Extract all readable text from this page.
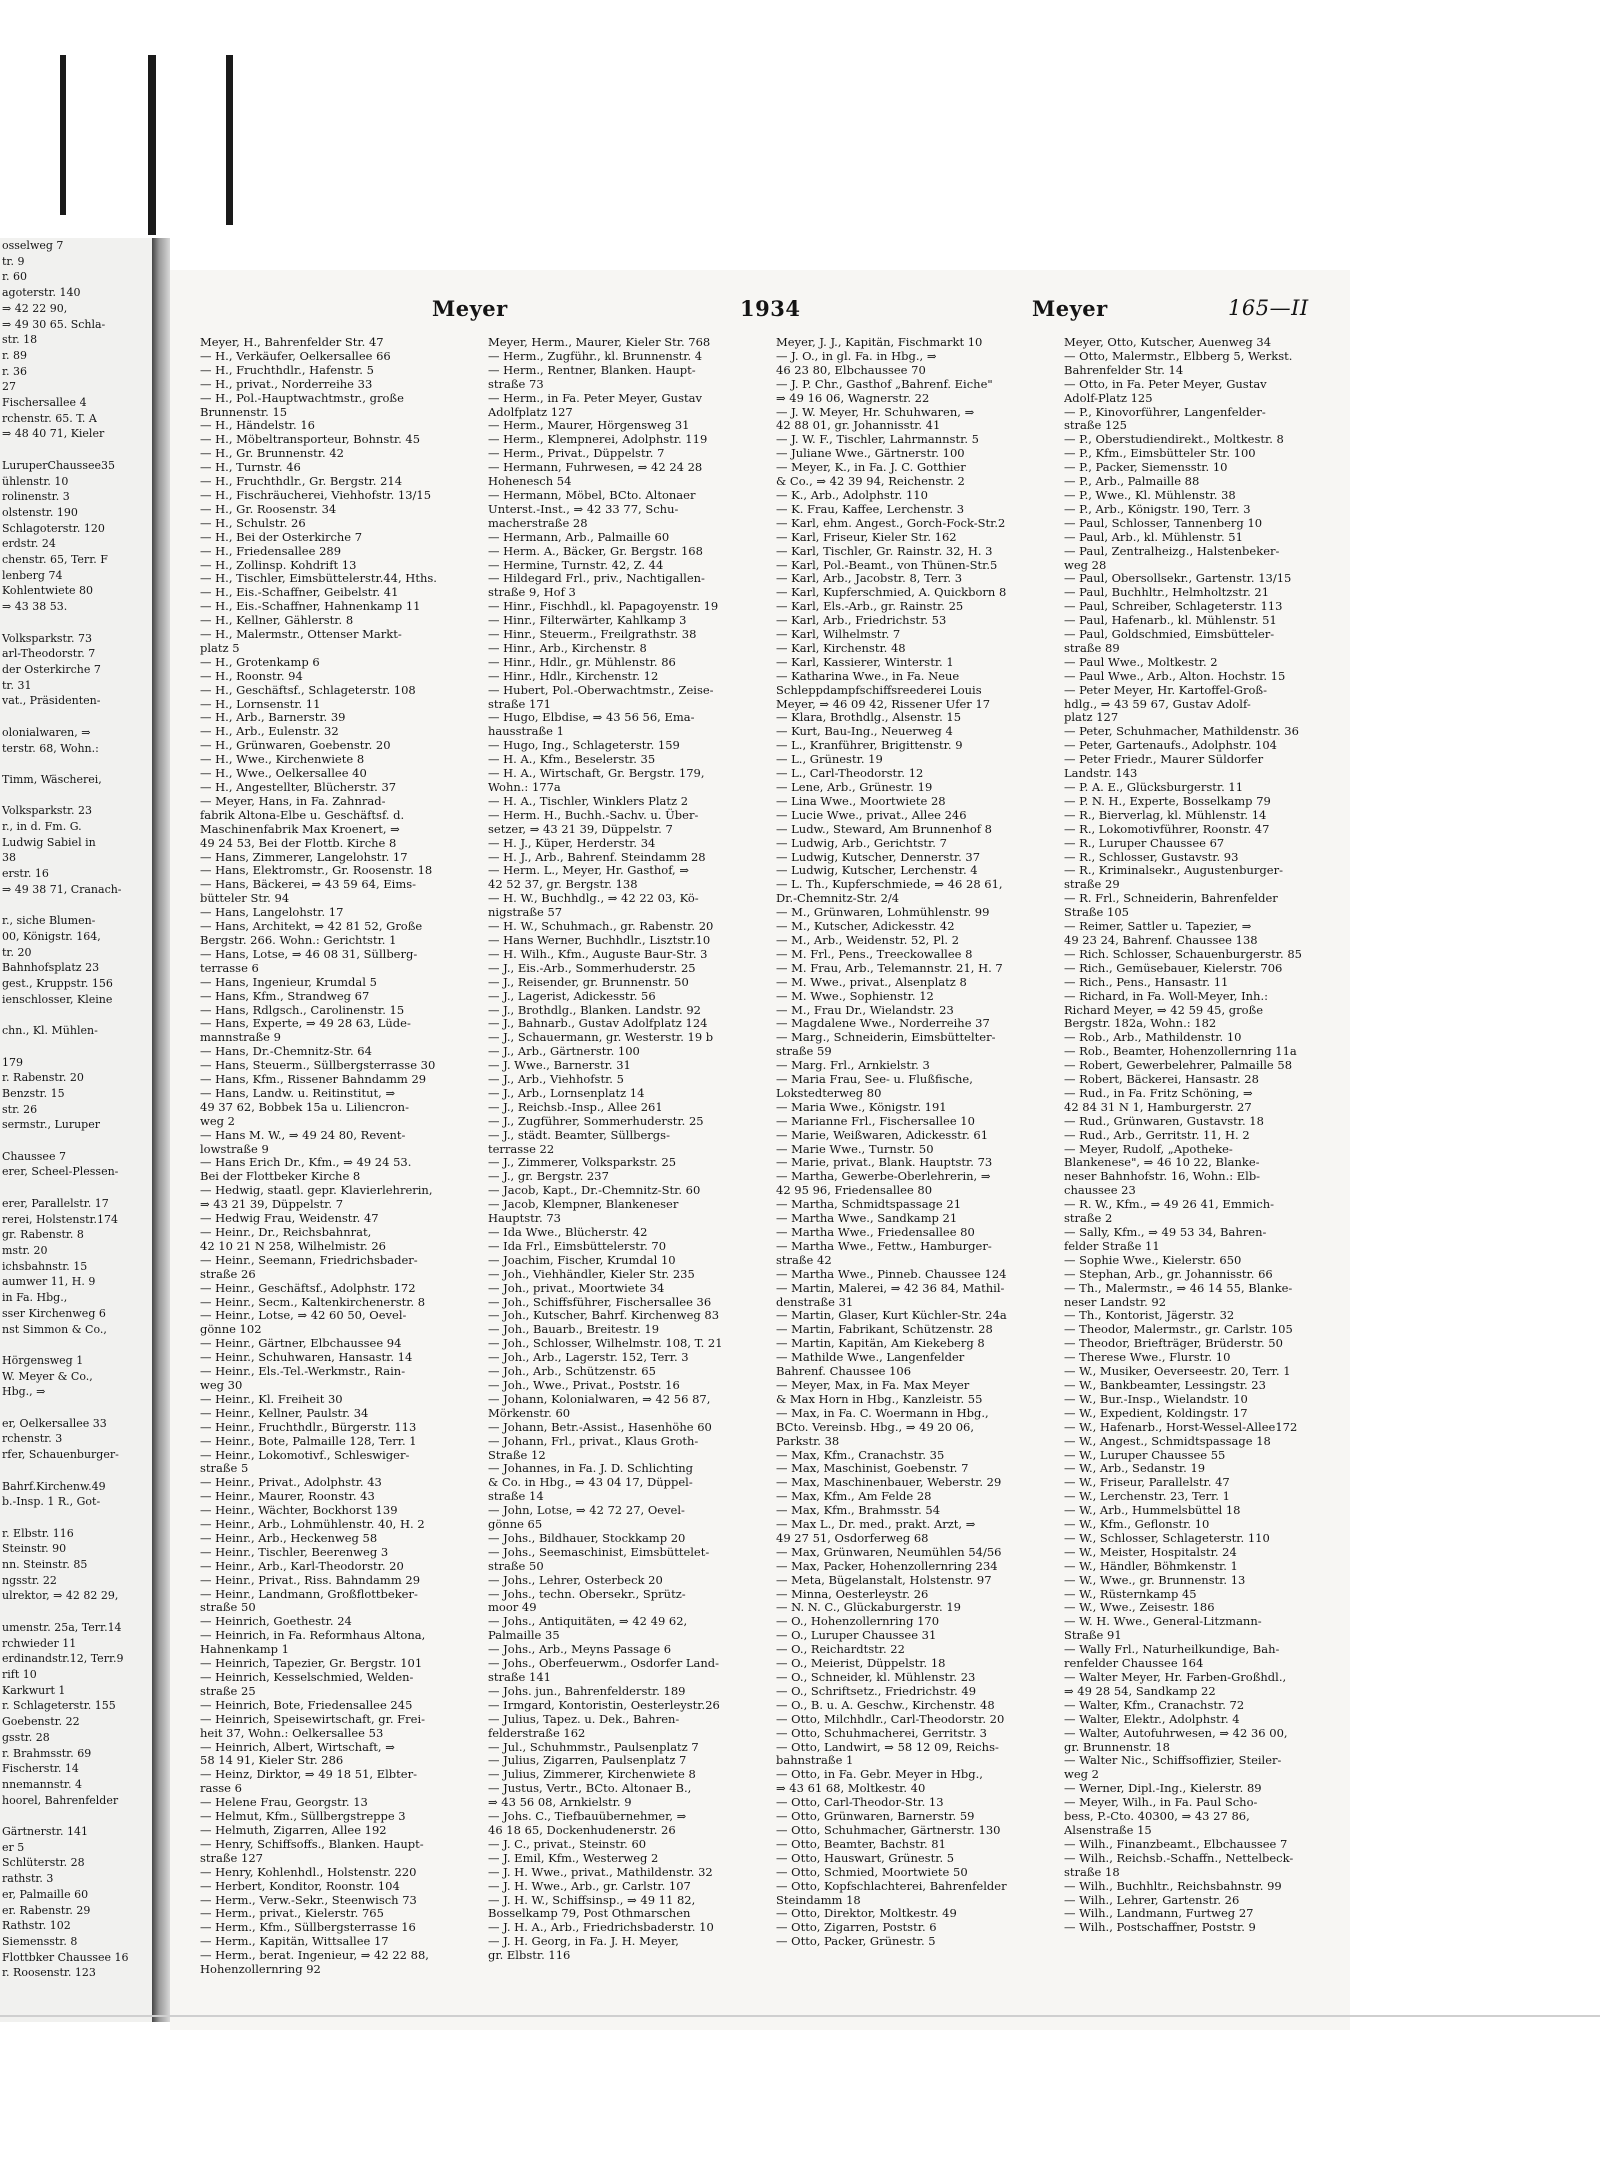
osselweg 7
tr. 9
r. 60
agoterstr. 140
⇒ 42 22 90,
⇒ 49 30 65. Schla-
str. 18
r. 89
r. 36
27
Fischersallee 4
rchenstr. 65. T. A
⇒ 48 40 71, Kieler

LuruperChaussee35
ühlenstr. 10
rolinenstr. 3
olstenstr. 190
Schlagoterstr. 120
erdstr. 24
chenstr. 65, Terr. F
lenberg 74
Kohlentwiete 80
⇒ 43 38 53.

Volksparkstr. 73
arl-Theodorstr. 7
der Osterkirche 7
tr. 31
vat., Präsidenten-

olonialwaren, ⇒
terstr. 68, Wohn.:

Timm, Wäscherei,

Volksparkstr. 23
r., in d. Fm. G.
Ludwig Sabiel in
38
erstr. 16
⇒ 49 38 71, Cranach-

r., siche Blumen-
00, Königstr. 164,
tr. 20
Bahnhofsplatz 23
gest., Kruppstr. 156
ienschlosser, Kleine

chn., Kl. Mühlen-

179
r. Rabenstr. 20
Benzstr. 15
str. 26
sermstr., Luruper

Chaussee 7
erer, Scheel-Plessen-

erer, Parallelstr. 17
rerei, Holstenstr.174
gr. Rabenstr. 8
mstr. 20
ichsbahnstr. 15
aumwer 11, H. 9
in Fa. Hbg.,
sser Kirchenweg 6
nst Simmon & Co.,

Hörgensweg 1
W. Meyer & Co.,
Hbg., ⇒

er, Oelkersallee 33
rchenstr. 3
rfer, Schauenburger-

Bahrf.Kirchenw.49
b.-Insp. 1 R., Got-

r. Elbstr. 116
Steinstr. 90
nn. Steinstr. 85
ngsstr. 22
ulrektor, ⇒ 42 82 29,

umenstr. 25a, Terr.14
rchwieder 11
erdinandstr.12, Terr.9
rift 10
Karkwurt 1
r. Schlageterstr. 155
Goebenstr. 22
gsstr. 28
r. Brahmsstr. 69
Fischerstr. 14
nnemannstr. 4
hoorel, Bahrenfelder

Gärtnerstr. 141
er 5
Schlüterstr. 28
rathstr. 3
er, Palmaille 60
er. Rabenstr. 29
Rathstr. 102
Siemensstr. 8
Flottbker Chaussee 16
r. Roosenstr. 123
Meyer	1934	Meyer	165—II
Meyer, H., Bahrenfelder Str. 47
— H., Verkäufer, Oelkersallee 66
— H., Fruchthdlr., Hafenstr. 5
— H., privat., Norderreihe 33
— H., Pol.-Hauptwachtmstr., große
Brunnenstr. 15
— H., Händelstr. 16
— H., Möbeltransporteur, Bohnstr. 45
— H., Gr. Brunnenstr. 42
— H., Turnstr. 46
— H., Fruchthdlr., Gr. Bergstr. 214
— H., Fischräucherei, Viehhofstr. 13/15
— H., Gr. Roosenstr. 34
— H., Schulstr. 26
— H., Bei der Osterkirche 7
— H., Friedensallee 289
— H., Zollinsp. Kohdrift 13
— H., Tischler, Eimsbüttelerstr.44, Hths.
— H., Eis.-Schaffner, Geibelstr. 41
— H., Eis.-Schaffner, Hahnenkamp 11
— H., Kellner, Gählerstr. 8
— H., Malermstr., Ottenser Markt-
platz 5
— H., Grotenkamp 6
— H., Roonstr. 94
— H., Geschäftsf., Schlageterstr. 108
— H., Lornsenstr. 11
— H., Arb., Barnerstr. 39
— H., Arb., Eulenstr. 32
— H., Grünwaren, Goebenstr. 20
— H., Wwe., Kirchenwiete 8
— H., Wwe., Oelkersallee 40
— H., Angestellter, Blücherstr. 37
— Meyer, Hans, in Fa. Zahnrad-
fabrik Altona-Elbe u. Geschäftsf. d.
Maschinenfabrik Max Kroenert, ⇒
49 24 53, Bei der Flottb. Kirche 8
— Hans, Zimmerer, Langelohstr. 17
— Hans, Elektromstr., Gr. Roosenstr. 18
— Hans, Bäckerei, ⇒ 43 59 64, Eims-
bütteler Str. 94
— Hans, Langelohstr. 17
— Hans, Architekt, ⇒ 42 81 52, Große
Bergstr. 266. Wohn.: Gerichtstr. 1
— Hans, Lotse, ⇒ 46 08 31, Süllberg-
terrasse 6
— Hans, Ingenieur, Krumdal 5
— Hans, Kfm., Strandweg 67
— Hans, Rdlgsch., Carolinenstr. 15
— Hans, Experte, ⇒ 49 28 63, Lüde-
mannstraße 9
— Hans, Dr.-Chemnitz-Str. 64
— Hans, Steuerm., Süllbergsterrasse 30
— Hans, Kfm., Rissener Bahndamm 29
— Hans, Landw. u. Reitinstitut, ⇒
49 37 62, Bobbek 15a u. Liliencron-
weg 2
— Hans M. W., ⇒ 49 24 80, Revent-
lowstraße 9
— Hans Erich Dr., Kfm., ⇒ 49 24 53.
Bei der Flottbeker Kirche 8
— Hedwig, staatl. gepr. Klavierlehrerin,
⇒ 43 21 39, Düppelstr. 7
— Hedwig Frau, Weidenstr. 47
— Heinr., Dr., Reichsbahnrat,
42 10 21 N 258, Wilhelmistr. 26
— Heinr., Seemann, Friedrichsbader-
straße 26
— Heinr., Geschäftsf., Adolphstr. 172
— Heinr., Secm., Kaltenkirchenerstr. 8
— Heinr., Lotse, ⇒ 42 60 50, Oevel-
gönne 102
— Heinr., Gärtner, Elbchaussee 94
— Heinr., Schuhwaren, Hansastr. 14
— Heinr., Els.-Tel.-Werkmstr., Rain-
weg 30
— Heinr., Kl. Freiheit 30
— Heinr., Kellner, Paulstr. 34
— Heinr., Fruchthdlr., Bürgerstr. 113
— Heinr., Bote, Palmaille 128, Terr. 1
— Heinr., Lokomotivf., Schleswiger-
straße 5
— Heinr., Privat., Adolphstr. 43
— Heinr., Maurer, Roonstr. 43
— Heinr., Wächter, Bockhorst 139
— Heinr., Arb., Lohmühlenstr. 40, H. 2
— Heinr., Arb., Heckenweg 58
— Heinr., Tischler, Beerenweg 3
— Heinr., Arb., Karl-Theodorstr. 20
— Heinr., Privat., Riss. Bahndamm 29
— Heinr., Landmann, Großflottbeker-
straße 50
— Heinrich, Goethestr. 24
— Heinrich, in Fa. Reformhaus Altona,
Hahnenkamp 1
— Heinrich, Tapezier, Gr. Bergstr. 101
— Heinrich, Kesselschmied, Welden-
straße 25
— Heinrich, Bote, Friedensallee 245
— Heinrich, Speisewirtschaft, gr. Frei-
heit 37, Wohn.: Oelkersallee 53
— Heinrich, Albert, Wirtschaft, ⇒
58 14 91, Kieler Str. 286
— Heinz, Dirktor, ⇒ 49 18 51, Elbter-
rasse 6
— Helene Frau, Georgstr. 13
— Helmut, Kfm., Süllbergstreppe 3
— Helmuth, Zigarren, Allee 192
— Henry, Schiffsoffs., Blanken. Haupt-
straße 127
— Henry, Kohlenhdl., Holstenstr. 220
— Herbert, Konditor, Roonstr. 104
— Herm., Verw.-Sekr., Steenwisch 73
— Herm., privat., Kielerstr. 765
— Herm., Kfm., Süllbergsterrasse 16
— Herm., Kapitän, Wittsallee 17
— Herm., berat. Ingenieur, ⇒ 42 22 88,
Hohenzollernring 92
Meyer, Herm., Maurer, Kieler Str. 768
— Herm., Zugführ., kl. Brunnenstr. 4
— Herm., Rentner, Blanken. Haupt-
straße 73
— Herm., in Fa. Peter Meyer, Gustav
Adolfplatz 127
— Herm., Maurer, Hörgensweg 31
— Herm., Klempnerei, Adolphstr. 119
— Herm., Privat., Düppelstr. 7
— Hermann, Fuhrwesen, ⇒ 42 24 28
Hohenesch 54
— Hermann, Möbel, BCto. Altonaer
Unterst.-Inst., ⇒ 42 33 77, Schu-
macherstraße 28
— Hermann, Arb., Palmaille 60
— Herm. A., Bäcker, Gr. Bergstr. 168
— Hermine, Turnstr. 42, Z. 44
— Hildegard Frl., priv., Nachtigallen-
straße 9, Hof 3
— Hinr., Fischhdl., kl. Papagoyenstr. 19
— Hinr., Filterwärter, Kahlkamp 3
— Hinr., Steuerm., Freilgrathstr. 38
— Hinr., Arb., Kirchenstr. 8
— Hinr., Hdlr., gr. Mühlenstr. 86
— Hinr., Hdlr., Kirchenstr. 12
— Hubert, Pol.-Oberwachtmstr., Zeise-
straße 171
— Hugo, Elbdise, ⇒ 43 56 56, Ema-
hausstraße 1
— Hugo, Ing., Schlageterstr. 159
— H. A., Kfm., Beselerstr. 35
— H. A., Wirtschaft, Gr. Bergstr. 179,
Wohn.: 177a
— H. A., Tischler, Winklers Platz 2
— Herm. H., Buchh.-Sachv. u. Über-
setzer, ⇒ 43 21 39, Düppelstr. 7
— H. J., Küper, Herderstr. 34
— H. J., Arb., Bahrenf. Steindamm 28
— Herm. L., Meyer, Hr. Gasthof, ⇒
42 52 37, gr. Bergstr. 138
— H. W., Buchhdlg., ⇒ 42 22 03, Kö-
nigstraße 57
— H. W., Schuhmach., gr. Rabenstr. 20
— Hans Werner, Buchhdlr., Lisztstr.10
— H. Wilh., Kfm., Auguste Baur-Str. 3
— J., Eis.-Arb., Sommerhuderstr. 25
— J., Reisender, gr. Brunnenstr. 50
— J., Lagerist, Adickesstr. 56
— J., Brothdlg., Blanken. Landstr. 92
— J., Bahnarb., Gustav Adolfplatz 124
— J., Schauermann, gr. Westerstr. 19 b
— J., Arb., Gärtnerstr. 100
— J. Wwe., Barnerstr. 31
— J., Arb., Viehhofstr. 5
— J., Arb., Lornsenplatz 14
— J., Reichsb.-Insp., Allee 261
— J., Zugführer, Sommerhuderstr. 25
— J., städt. Beamter, Süllbergs-
terrasse 22
— J., Zimmerer, Volksparkstr. 25
— J., gr. Bergstr. 237
— Jacob, Kapt., Dr.-Chemnitz-Str. 60
— Jacob, Klempner, Blankeneser
Hauptstr. 73
— Ida Wwe., Blücherstr. 42
— Ida Frl., Eimsbüttelerstr. 70
— Joachim, Fischer, Krumdal 10
— Joh., Viehhändler, Kieler Str. 235
— Joh., privat., Moortwiete 34
— Joh., Schiffsführer, Fischersallee 36
— Joh., Kutscher, Bahrf. Kirchenweg 83
— Joh., Bauarb., Breitestr. 19
— Joh., Schlosser, Wilhelmstr. 108, T. 21
— Joh., Arb., Lagerstr. 152, Terr. 3
— Joh., Arb., Schützenstr. 65
— Joh., Wwe., Privat., Poststr. 16
— Johann, Kolonialwaren, ⇒ 42 56 87,
Mörkenstr. 60
— Johann, Betr.-Assist., Hasenhöhe 60
— Johann, Frl., privat., Klaus Groth-
Straße 12
— Johannes, in Fa. J. D. Schlichting
& Co. in Hbg., ⇒ 43 04 17, Düppel-
straße 14
— John, Lotse, ⇒ 42 72 27, Oevel-
gönne 65
— Johs., Bildhauer, Stockkamp 20
— Johs., Seemaschinist, Eimsbüttelet-
straße 50
— Johs., Lehrer, Osterbeck 20
— Johs., techn. Obersekr., Sprütz-
moor 49
— Johs., Antiquitäten, ⇒ 42 49 62,
Palmaille 35
— Johs., Arb., Meyns Passage 6
— Johs., Oberfeuerwm., Osdorfer Land-
straße 141
— Johs. jun., Bahrenfelderstr. 189
— Irmgard, Kontoristin, Oesterleystr.26
— Julius, Tapez. u. Dek., Bahren-
felderstraße 162
— Jul., Schuhmmstr., Paulsenplatz 7
— Julius, Zigarren, Paulsenplatz 7
— Julius, Zimmerer, Kirchenwiete 8
— Justus, Vertr., BCto. Altonaer B.,
⇒ 43 56 08, Arnkielstr. 9
— Johs. C., Tiefbauübernehmer, ⇒
46 18 65, Dockenhudenerstr. 26
— J. C., privat., Steinstr. 60
— J. Emil, Kfm., Westerweg 2
— J. H. Wwe., privat., Mathildenstr. 32
— J. H. Wwe., Arb., gr. Carlstr. 107
— J. H. W., Schiffsinsp., ⇒ 49 11 82,
Bosselkamp 79, Post Othmarschen
— J. H. A., Arb., Friedrichsbaderstr. 10
— J. H. Georg, in Fa. J. H. Meyer,
gr. Elbstr. 116
Meyer, J. J., Kapitän, Fischmarkt 10
— J. O., in gl. Fa. in Hbg., ⇒
46 23 80, Elbchaussee 70
— J. P. Chr., Gasthof „Bahrenf. Eiche"
⇒ 49 16 06, Wagnerstr. 22
— J. W. Meyer, Hr. Schuhwaren, ⇒
42 88 01, gr. Johannisstr. 41
— J. W. F., Tischler, Lahrmannstr. 5
— Juliane Wwe., Gärtnerstr. 100
— Meyer, K., in Fa. J. C. Gotthier
& Co., ⇒ 42 39 94, Reichenstr. 2
— K., Arb., Adolphstr. 110
— K. Frau, Kaffee, Lerchenstr. 3
— Karl, ehm. Angest., Gorch-Fock-Str.2
— Karl, Friseur, Kieler Str. 162
— Karl, Tischler, Gr. Rainstr. 32, H. 3
— Karl, Pol.-Beamt., von Thünen-Str.5
— Karl, Arb., Jacobstr. 8, Terr. 3
— Karl, Kupferschmied, A. Quickborn 8
— Karl, Els.-Arb., gr. Rainstr. 25
— Karl, Arb., Friedrichstr. 53
— Karl, Wilhelmstr. 7
— Karl, Kirchenstr. 48
— Karl, Kassierer, Winterstr. 1
— Katharina Wwe., in Fa. Neue
Schleppdampfschiffsreederei Louis
Meyer, ⇒ 46 09 42, Rissener Ufer 17
— Klara, Brothdlg., Alsenstr. 15
— Kurt, Bau-Ing., Neuerweg 4
— L., Kranführer, Brigittenstr. 9
— L., Grünestr. 19
— L., Carl-Theodorstr. 12
— Lene, Arb., Grünestr. 19
— Lina Wwe., Moortwiete 28
— Lucie Wwe., privat., Allee 246
— Ludw., Steward, Am Brunnenhof 8
— Ludwig, Arb., Gerichtstr. 7
— Ludwig, Kutscher, Dennerstr. 37
— Ludwig, Kutscher, Lerchenstr. 4
— L. Th., Kupferschmiede, ⇒ 46 28 61,
Dr.-Chemnitz-Str. 2/4
— M., Grünwaren, Lohmühlenstr. 99
— M., Kutscher, Adickesstr. 42
— M., Arb., Weidenstr. 52, Pl. 2
— M. Frl., Pens., Treeckowallee 8
— M. Frau, Arb., Telemannstr. 21, H. 7
— M. Wwe., privat., Alsenplatz 8
— M. Wwe., Sophienstr. 12
— M., Frau Dr., Wielandstr. 23
— Magdalene Wwe., Norderreihe 37
— Marg., Schneiderin, Eimsbüttelter-
straße 59
— Marg. Frl., Arnkielstr. 3
— Maria Frau, See- u. Flußfische,
Lokstedterweg 80
— Maria Wwe., Königstr. 191
— Marianne Frl., Fischersallee 10
— Marie, Weißwaren, Adickesstr. 61
— Marie Wwe., Turnstr. 50
— Marie, privat., Blank. Hauptstr. 73
— Martha, Gewerbe-Oberlehrerin, ⇒
42 95 96, Friedensallee 80
— Martha, Schmidtspassage 21
— Martha Wwe., Sandkamp 21
— Martha Wwe., Friedensallee 80
— Martha Wwe., Fettw., Hamburger-
straße 42
— Martha Wwe., Pinneb. Chaussee 124
— Martin, Malerei, ⇒ 42 36 84, Mathil-
denstraße 31
— Martin, Glaser, Kurt Küchler-Str. 24a
— Martin, Fabrikant, Schützenstr. 28
— Martin, Kapitän, Am Kiekeberg 8
— Mathilde Wwe., Langenfelder
Bahrenf. Chaussee 106
— Meyer, Max, in Fa. Max Meyer
& Max Horn in Hbg., Kanzleistr. 55
— Max, in Fa. C. Woermann in Hbg.,
BCto. Vereinsb. Hbg., ⇒ 49 20 06,
Parkstr. 38
— Max, Kfm., Cranachstr. 35
— Max, Maschinist, Goebenstr. 7
— Max, Maschinenbauer, Weberstr. 29
— Max, Kfm., Am Felde 28
— Max, Kfm., Brahmsstr. 54
— Max L., Dr. med., prakt. Arzt, ⇒
49 27 51, Osdorferweg 68
— Max, Grünwaren, Neumühlen 54/56
— Max, Packer, Hohenzollernring 234
— Meta, Bügelanstalt, Holstenstr. 97
— Minna, Oesterleystr. 26
— N. N. C., Glückaburgerstr. 19
— O., Hohenzollernring 170
— O., Luruper Chaussee 31
— O., Reichardtstr. 22
— O., Meierist, Düppelstr. 18
— O., Schneider, kl. Mühlenstr. 23
— O., Schriftsetz., Friedrichstr. 49
— O., B. u. A. Geschw., Kirchenstr. 48
— Otto, Milchhdlr., Carl-Theodorstr. 20
— Otto, Schuhmacherei, Gerritstr. 3
— Otto, Landwirt, ⇒ 58 12 09, Reichs-
bahnstraße 1
— Otto, in Fa. Gebr. Meyer in Hbg.,
⇒ 43 61 68, Moltkestr. 40
— Otto, Carl-Theodor-Str. 13
— Otto, Grünwaren, Barnerstr. 59
— Otto, Schuhmacher, Gärtnerstr. 130
— Otto, Beamter, Bachstr. 81
— Otto, Hauswart, Grünestr. 5
— Otto, Schmied, Moortwiete 50
— Otto, Kopfschlachterei, Bahrenfelder
Steindamm 18
— Otto, Direktor, Moltkestr. 49
— Otto, Zigarren, Poststr. 6
— Otto, Packer, Grünestr. 5
Meyer, Otto, Kutscher, Auenweg 34
— Otto, Malermstr., Elbberg 5, Werkst.
Bahrenfelder Str. 14
— Otto, in Fa. Peter Meyer, Gustav
Adolf-Platz 125
— P., Kinovorführer, Langenfelder-
straße 125
— P., Oberstudiendirekt., Moltkestr. 8
— P., Kfm., Eimsbütteler Str. 100
— P., Packer, Siemensstr. 10
— P., Arb., Palmaille 88
— P., Wwe., Kl. Mühlenstr. 38
— P., Arb., Königstr. 190, Terr. 3
— Paul, Schlosser, Tannenberg 10
— Paul, Arb., kl. Mühlenstr. 51
— Paul, Zentralheizg., Halstenbeker-
weg 28
— Paul, Obersollsekr., Gartenstr. 13/15
— Paul, Buchhltr., Helmholtzstr. 21
— Paul, Schreiber, Schlageterstr. 113
— Paul, Hafenarb., kl. Mühlenstr. 51
— Paul, Goldschmied, Eimsbütteler-
straße 89
— Paul Wwe., Moltkestr. 2
— Paul Wwe., Arb., Alton. Hochstr. 15
— Peter Meyer, Hr. Kartoffel-Groß-
hdlg., ⇒ 43 59 67, Gustav Adolf-
platz 127
— Peter, Schuhmacher, Mathildenstr. 36
— Peter, Gartenaufs., Adolphstr. 104
— Peter Friedr., Maurer Süldorfer
Landstr. 143
— P. A. E., Glücksburgerstr. 11
— P. N. H., Experte, Bosselkamp 79
— R., Bierverlag, kl. Mühlenstr. 14
— R., Lokomotivführer, Roonstr. 47
— R., Luruper Chaussee 67
— R., Schlosser, Gustavstr. 93
— R., Kriminalsekr., Augustenburger-
straße 29
— R. Frl., Schneiderin, Bahrenfelder
Straße 105
— Reimer, Sattler u. Tapezier, ⇒
49 23 24, Bahrenf. Chaussee 138
— Rich. Schlosser, Schauenburgerstr. 85
— Rich., Gemüsebauer, Kielerstr. 706
— Rich., Pens., Hansastr. 11
— Richard, in Fa. Woll-Meyer, Inh.:
Richard Meyer, ⇒ 42 59 45, große
Bergstr. 182a, Wohn.: 182
— Rob., Arb., Mathildenstr. 10
— Rob., Beamter, Hohenzollernring 11a
— Robert, Gewerbelehrer, Palmaille 58
— Robert, Bäckerei, Hansastr. 28
— Rud., in Fa. Fritz Schöning, ⇒
42 84 31 N 1, Hamburgerstr. 27
— Rud., Grünwaren, Gustavstr. 18
— Rud., Arb., Gerritstr. 11, H. 2
— Meyer, Rudolf, „Apotheke-
Blankenese", ⇒ 46 10 22, Blanke-
neser Bahnhofstr. 16, Wohn.: Elb-
chaussee 23
— R. W., Kfm., ⇒ 49 26 41, Emmich-
straße 2
— Sally, Kfm., ⇒ 49 53 34, Bahren-
felder Straße 11
— Sophie Wwe., Kielerstr. 650
— Stephan, Arb., gr. Johannisstr. 66
— Th., Malermstr., ⇒ 46 14 55, Blanke-
neser Landstr. 92
— Th., Kontorist, Jägerstr. 32
— Theodor, Malermstr., gr. Carlstr. 105
— Theodor, Briefträger, Brüderstr. 50
— Therese Wwe., Flurstr. 10
— W., Musiker, Oeverseestr. 20, Terr. 1
— W., Bankbeamter, Lessingstr. 23
— W., Bur.-Insp., Wielandstr. 10
— W., Expedient, Koldingstr. 17
— W., Hafenarb., Horst-Wessel-Allee172
— W., Angest., Schmidtspassage 18
— W., Luruper Chaussee 55
— W., Arb., Sedanstr. 19
— W., Friseur, Parallelstr. 47
— W., Lerchenstr. 23, Terr. 1
— W., Arb., Hummelsbüttel 18
— W., Kfm., Geflonstr. 10
— W., Schlosser, Schlageterstr. 110
— W., Meister, Hospitalstr. 24
— W., Händler, Böhmkenstr. 1
— W., Wwe., gr. Brunnenstr. 13
— W., Rüsternkamp 45
— W., Wwe., Zeisestr. 186
— W. H. Wwe., General-Litzmann-
Straße 91
— Wally Frl., Naturheilkundige, Bah-
renfelder Chaussee 164
— Walter Meyer, Hr. Farben-Großhdl.,
⇒ 49 28 54, Sandkamp 22
— Walter, Kfm., Cranachstr. 72
— Walter, Elektr., Adolphstr. 4
— Walter, Autofuhrwesen, ⇒ 42 36 00,
gr. Brunnenstr. 18
— Walter Nic., Schiffsoffizier, Steiler-
weg 2
— Werner, Dipl.-Ing., Kielerstr. 89
— Meyer, Wilh., in Fa. Paul Scho-
bess, P.-Cto. 40300, ⇒ 43 27 86,
Alsenstraße 15
— Wilh., Finanzbeamt., Elbchaussee 7
— Wilh., Reichsb.-Schaffn., Nettelbeck-
straße 18
— Wilh., Buchhltr., Reichsbahnstr. 99
— Wilh., Lehrer, Gartenstr. 26
— Wilh., Landmann, Furtweg 27
— Wilh., Postschaffner, Poststr. 9
